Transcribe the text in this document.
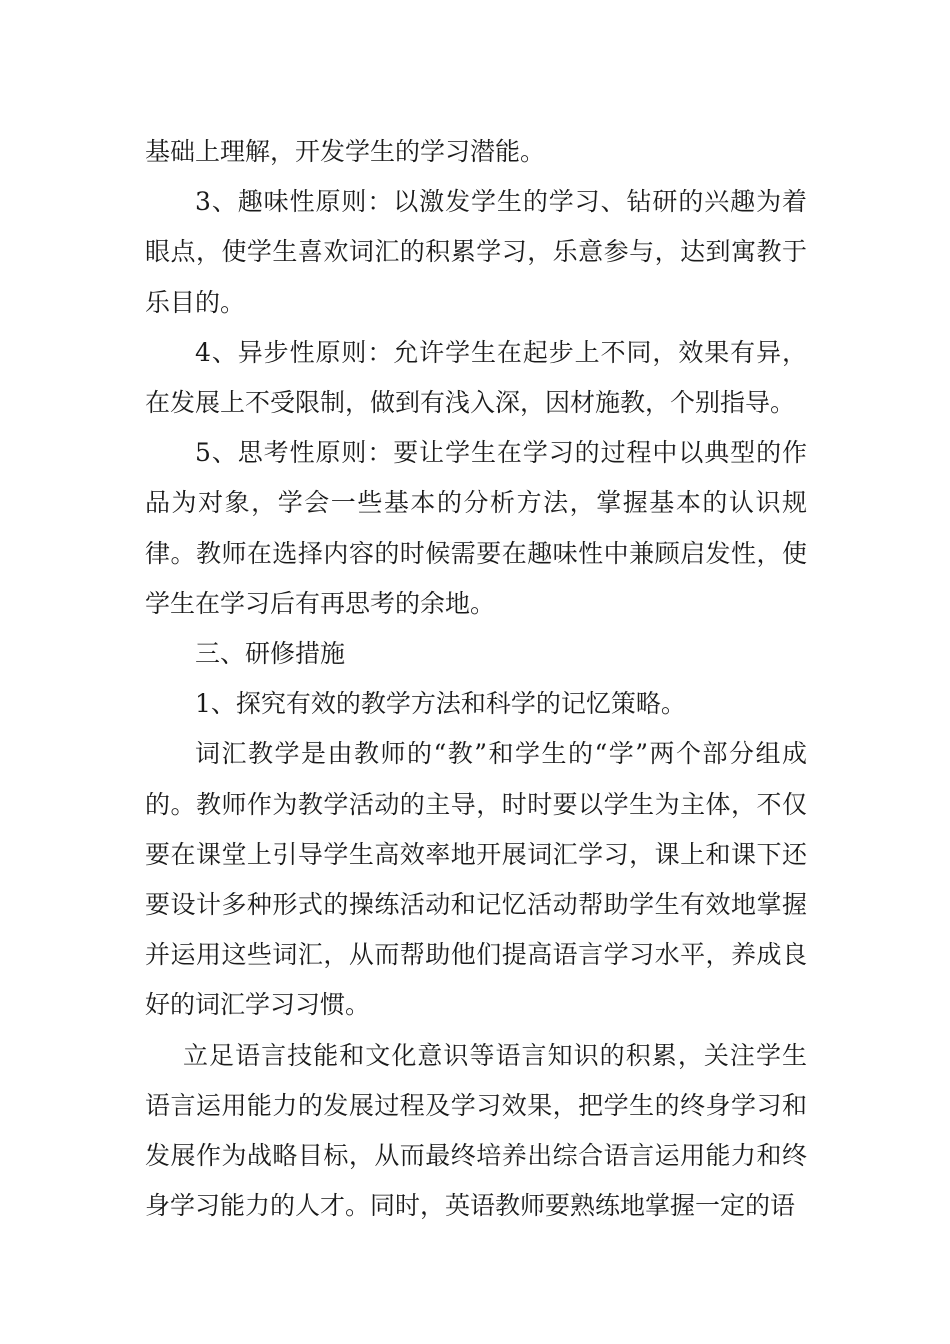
基础上理解，开发学生的学习潜能。

3、趣味性原则：以激发学生的学习、钻研的兴趣为着眼点，使学生喜欢词汇的积累学习，乐意参与，达到寓教于乐目的。

4、异步性原则：允许学生在起步上不同，效果有异，在发展上不受限制，做到有浅入深，因材施教，个别指导。

5、思考性原则：要让学生在学习的过程中以典型的作品为对象，学会一些基本的分析方法，掌握基本的认识规律。教师在选择内容的时候需要在趣味性中兼顾启发性，使学生在学习后有再思考的余地。

三、研修措施

1、探究有效的教学方法和科学的记忆策略。

词汇教学是由教师的“教”和学生的“学”两个部分组成的。教师作为教学活动的主导，时时要以学生为主体，不仅要在课堂上引导学生高效率地开展词汇学习，课上和课下还要设计多种形式的操练活动和记忆活动帮助学生有效地掌握并运用这些词汇，从而帮助他们提高语言学习水平，养成良好的词汇学习习惯。

立足语言技能和文化意识等语言知识的积累，关注学生语言运用能力的发展过程及学习效果，把学生的终身学习和发展作为战略目标，从而最终培养出综合语言运用能力和终身学习能力的人才。同时，英语教师要熟练地掌握一定的语
